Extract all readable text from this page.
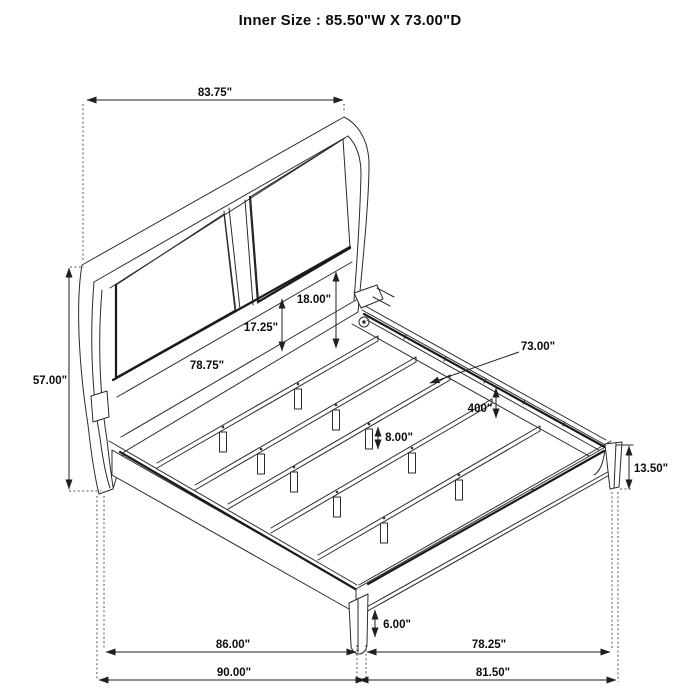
Inner Size : 85.50"W X 73.00"D
83.75"
57.00"
18.00"
17.25"
78.75"
73.00"
400"
8.00"
13.50"
6.00"
86.00"	78.25"
90.00"	81.50"
